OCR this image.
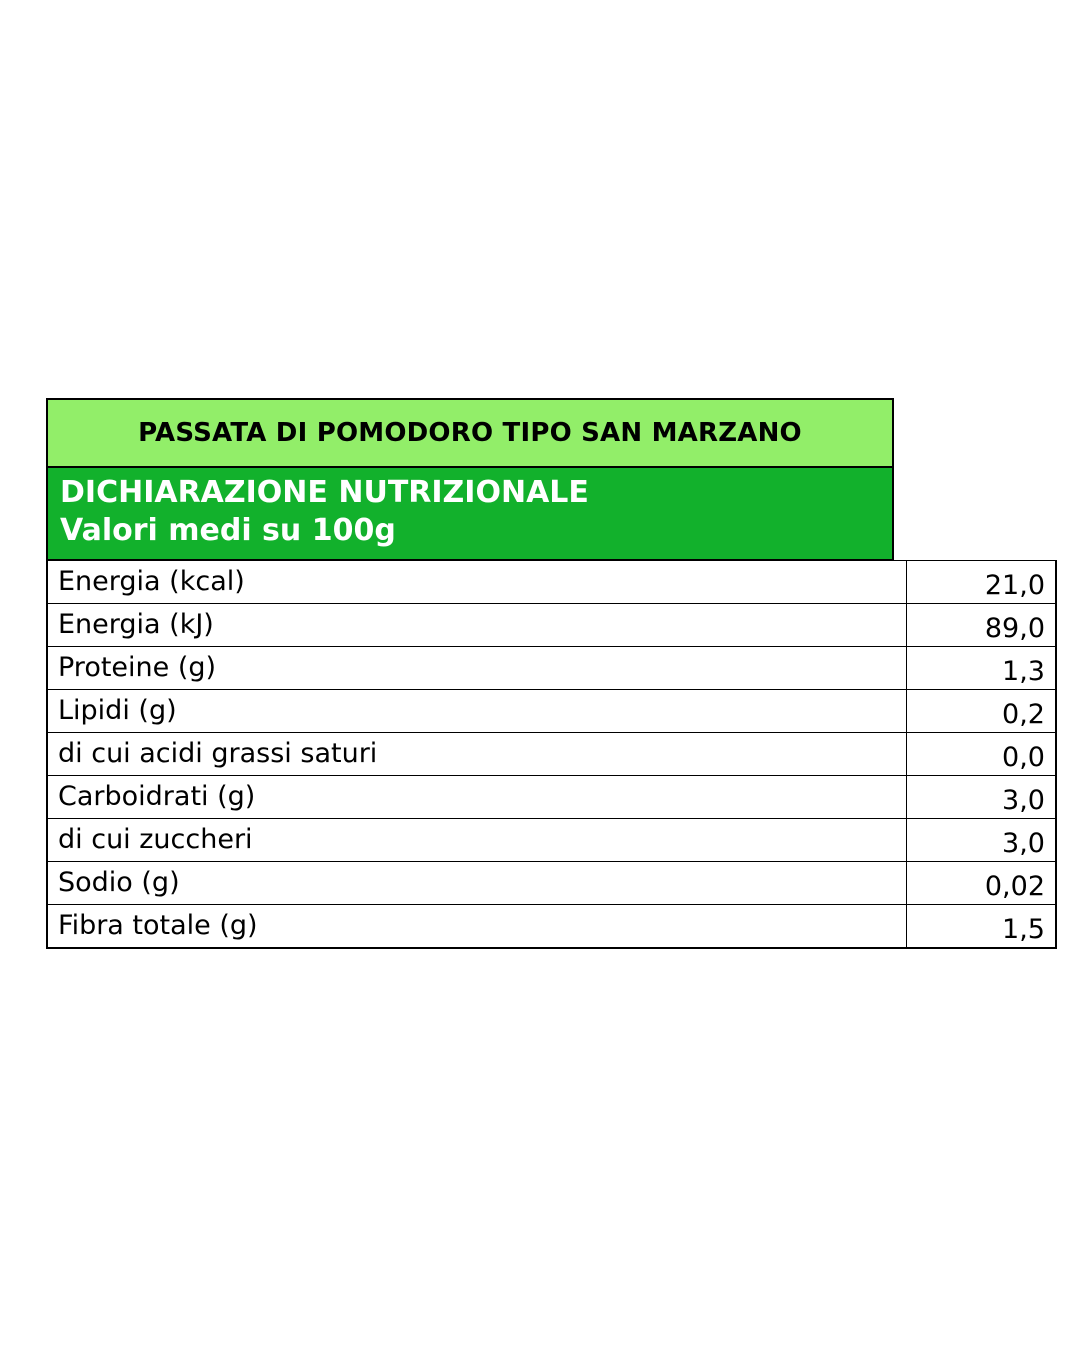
PASSATA DI POMODORO TIPO SAN MARZANO
DICHIARAZIONE NUTRIZIONALE
Valori medi su 100g
Energia (kcal)	21,0
Energia (kJ)	89,0
Proteine (g)	1,3
Lipidi (g)	0,2
di cui acidi grassi saturi	0,0
Carboidrati (g)	3,0
di cui zuccheri	3,0
Sodio (g)	0,02
Fibra totale (g)	1,5
